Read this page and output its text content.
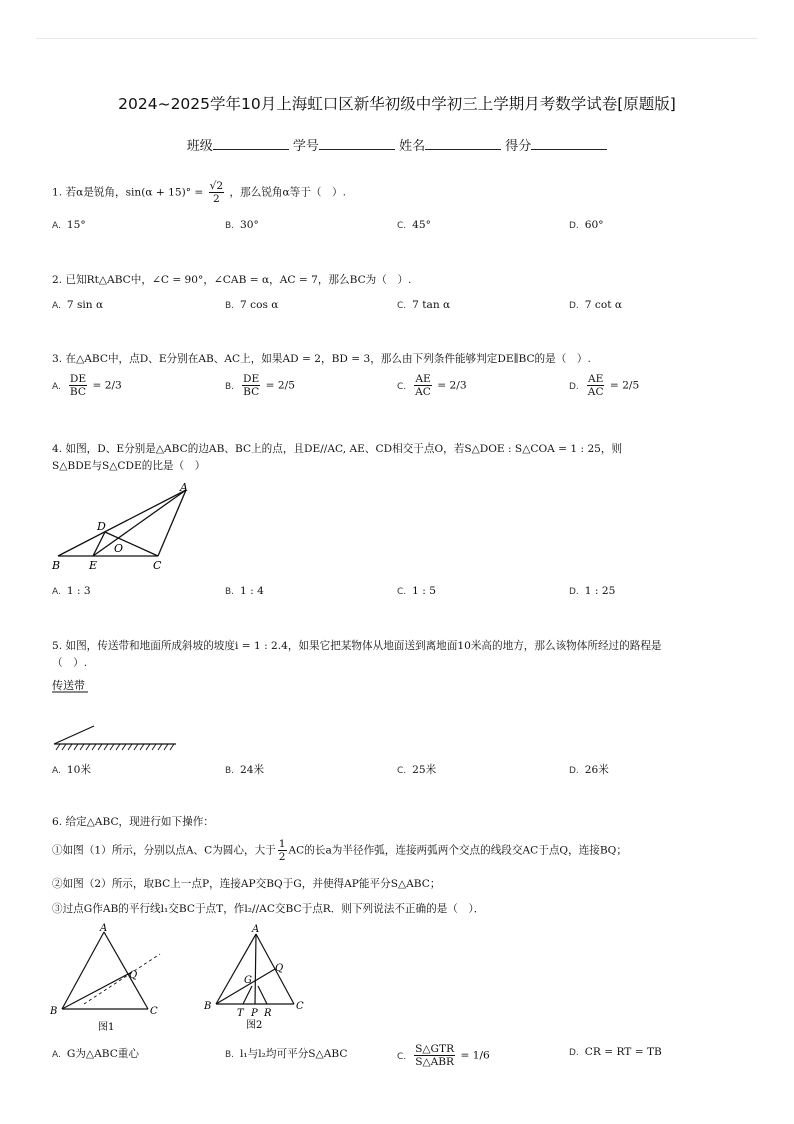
2024~2025学年10月上海虹口区新华初级中学初三上学期月考数学试卷[原题版]
班级	学号	姓名	得分
1. 若α是锐角，$\sin(\alpha + 15)^\circ = \frac{√2}{2}$ ，那么锐角α等于（　）.
A. 15°	B. 30°	C. 45°	D. 60°
2. 已知Rt△ABC中，∠C = 90°，∠CAB = α，AC = 7，那么BC为（　）.
A. 7 sin α	B. 7 cos α	C. 7 tan α	D. 7 cot α
3. 在△ABC中，点D、E分别在AB、AC上，如果AD = 2，BD = 3，那么由下列条件能够判定DE∥BC的是（　）.
A. $\frac{DE}{BC} = 2/3$	B. $\frac{DE}{BC} = 2/5$	C. $\frac{AE}{AC} = 2/3$	D. $\frac{AE}{AC} = 2/5$
4. 如图，D、E分别是△ABC的边AB、BC上的点，且DE//AC, AE、CD相交于点O，若S△DOE : S△COA = 1 : 25，则
S△BDE与S△CDE的比是（　）
A
D
O
B	E	C
A. 1 : 3	B. 1 : 4	C. 1 : 5	D. 1 : 25
5. 如图，传送带和地面所成斜坡的坡度i = 1 : 2.4，如果它把某物体从地面送到离地面10米高的地方，那么该物体所经过的路程是
（　）.
传送带
A. 10米	B. 24米	C. 25米	D. 26米
6. 给定△ABC，现进行如下操作：
①如图（1）所示，分别以点A、C为圆心，大于 $\frac{1}{2}$ AC的长a为半径作弧，连接两弧两个交点的线段交AC于点Q，连接BQ；
②如图（2）所示，取BC上一点P，连接AP交BQ于G，并使得AP能平分S△ABC；
③过点G作AB的平行线l₁交BC于点T，作l₂//AC交BC于点R．则下列说法不正确的是（　）．
A
Q
B	C
图1
A
Q
G
B
T P R
C
图2
A. G为△ABC重心	B. l₁与l₂均可平分S△ABC	C. $\frac{\text{S△GTR}}{\text{S△ABR}} = 1/6$	D. CR = RT = TB
